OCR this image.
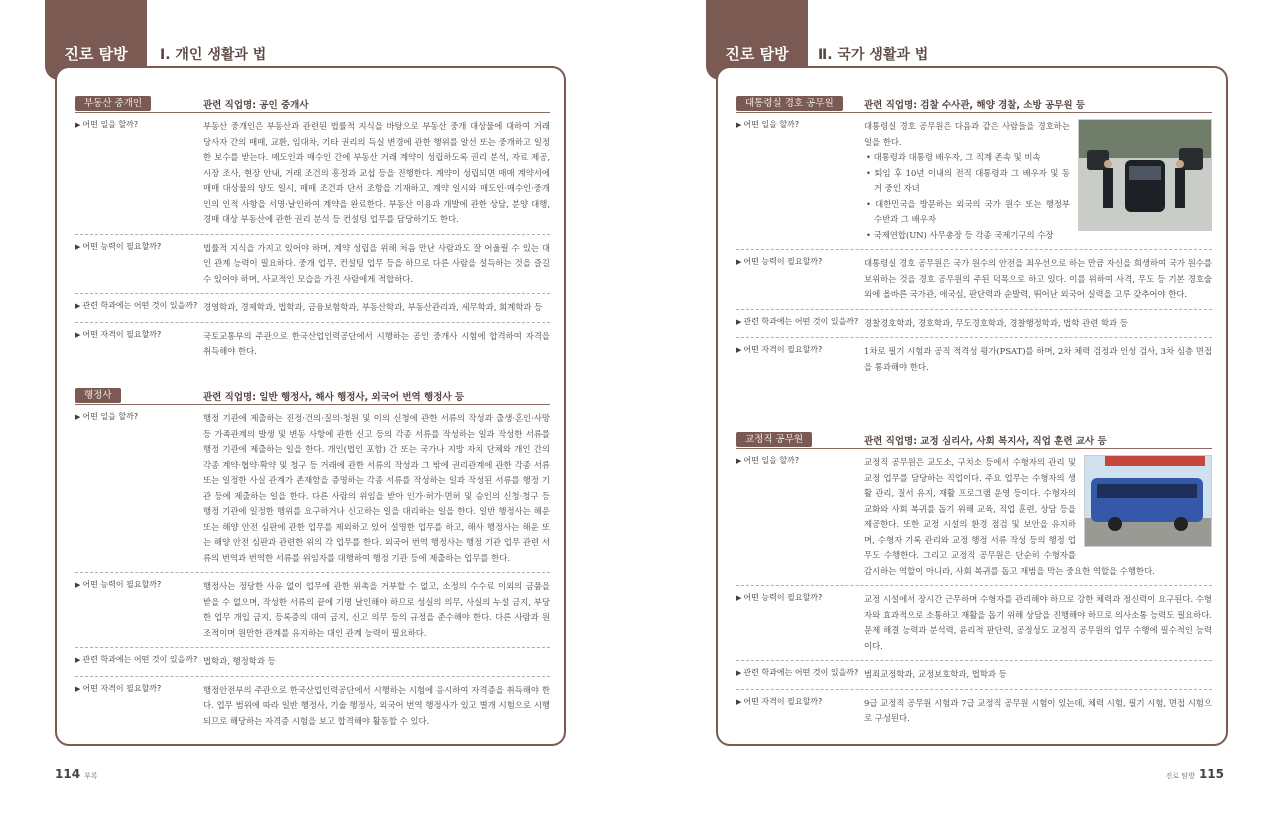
진로 탐방	Ⅰ. 개인 생활과 법
부동산 중개인	관련 직업명: 공인 중개사
▶ 어떤 일을 할까?	부동산 중개인은 부동산과 관련된 법률적 지식을 바탕으로 부동산 중개 대상물에 대하여 거래 당사자 간의 매매, 교환, 임대차, 기타 권리의 득실 변경에 관한 행위를 알선 또는 중개하고 일정한 보수를 받는다. 매도인과 매수인 간에 부동산 거래 계약이 성립하도록 권리 분석, 자료 제공, 시장 조사, 현장 안내, 거래 조건의 흥정과 교섭 등을 진행한다. 계약이 성립되면 매매 계약서에 매매 대상물의 양도 일시, 매매 조건과 단서 조항을 기재하고, 계약 일시와 매도인·매수인·중개인의 인적 사항을 서명·날인하여 계약을 완료한다. 부동산 이용과 개발에 관한 상담, 분양 대행, 경매 대상 부동산에 관한 권리 분석 등 컨설팅 업무를 담당하기도 한다.
▶ 어떤 능력이 필요할까?	법률적 지식을 가지고 있어야 하며, 계약 성립을 위해 처음 만난 사람과도 잘 어울릴 수 있는 대인 관계 능력이 필요하다. 중개 업무, 컨설팅 업무 등을 하므로 다른 사람을 설득하는 것을 즐길 수 있어야 하며, 사교적인 모습을 가진 사람에게 적합하다.
▶ 관련 학과에는 어떤 것이 있을까? 경영학과, 경제학과, 법학과, 금융보험학과, 부동산학과, 부동산관리과, 세무학과, 회계학과 등
▶ 어떤 자격이 필요할까?	국토교통부의 주관으로 한국산업인력공단에서 시행하는 공인 중개사 시험에 합격하여 자격을 취득해야 한다.
행정사	관련 직업명: 일반 행정사, 해사 행정사, 외국어 번역 행정사 등
▶ 어떤 일을 할까?	행정 기관에 제출하는 진정·건의·질의·청원 및 이의 신청에 관한 서류의 작성과 출생·혼인·사망 등 가족관계의 발생 및 변동 사항에 관한 신고 등의 각종 서류를 작성하는 일과 작성한 서류를 행정 기관에 제출하는 일을 한다. 개인(법인 포함) 간 또는 국가나 지방 자치 단체와 개인 간의 각종 계약·협약·확약 및 청구 등 거래에 관한 서류의 작성과 그 밖에 권리관계에 관한 각종 서류 또는 일정한 사실 관계가 존재함을 증명하는 각종 서류를 작성하는 일과 작성된 서류를 행정 기관 등에 제출하는 일을 한다. 다른 사람의 위임을 받아 인가·허가·면허 및 승인의 신청·청구 등 행정 기관에 일정한 행위를 요구하거나 신고하는 일을 대리하는 일을 한다. 일반 행정사는 해운 또는 해양 안전 심판에 관한 업무를 제외하고 있어 설명한 업무를 하고, 해사 행정사는 해운 또는 해양 안전 심판과 관련한 위의 각 업무를 한다. 외국어 번역 행정사는 행정 기관 업무 관련 서류의 번역과 번역한 서류를 위임자를 대행하여 행정 기관 등에 제출하는 업무를 한다.
▶ 어떤 능력이 필요할까?	행정사는 정당한 사유 없이 업무에 관한 위촉을 거부할 수 없고, 소정의 수수료 이외의 금품을 받을 수 없으며, 작성한 서류의 끝에 기명 날인해야 하므로 성실의 의무, 사실의 누설 금지, 부당한 업무 개입 금지, 등록증의 대여 금지, 신고 의무 등의 규정을 준수해야 한다. 다른 사람과 원조적이며 원만한 관계를 유지하는 대인 관계 능력이 필요하다.
▶ 관련 학과에는 어떤 것이 있을까? 법학과, 행정학과 등
▶ 어떤 자격이 필요할까?	행정안전부의 주관으로 한국산업인력공단에서 시행하는 시험에 응시하여 자격증을 취득해야 한다. 업무 범위에 따라 일반 행정사, 기술 행정사, 외국어 번역 행정사가 있고 별개 시험으로 시행되므로 해당하는 자격증 시험을 보고 합격해야 활동할 수 있다.
114 부록
진로 탐방	Ⅱ. 국가 생활과 법
대통령실 경호 공무원	관련 직업명: 검찰 수사관, 해양 경찰, 소방 공무원 등
▶ 어떤 일을 할까?	대통령실 경호 공무원은 다음과 같은 사람들을 경호하는 일을 한다.
• 대통령과 대통령 배우자, 그 직계 존속 및 비속
• 퇴임 후 10년 이내의 전직 대통령과 그 배우자 및 동거 중인 자녀
• 대한민국을 방문하는 외국의 국가 원수 또는 행정부 수반과 그 배우자
• 국제연합(UN) 사무총장 등 각종 국제기구의 수장
▶ 어떤 능력이 필요할까?	대통령실 경호 공무원은 국가 원수의 안전을 최우선으로 하는 만큼 자신을 희생하여 국가 원수를 보위하는 것을 경호 공무원의 주된 덕목으로 하고 있다. 이를 위하여 사격, 무도 등 기본 경호술 외에 올바른 국가관, 애국심, 판단력과 순발력, 뛰어난 외국어 실력을 고루 갖추어야 한다.
▶ 관련 학과에는 어떤 것이 있을까? 경찰경호학과, 경호학과, 무도경호학과, 경찰행정학과, 법학 관련 학과 등
▶ 어떤 자격이 필요할까?	1차로 필기 시험과 공직 적격성 평가(PSAT)를 하며, 2차 체력 검정과 인성 검사, 3차 심층 면접을 통과해야 한다.
교정직 공무원	관련 직업명: 교정 심리사, 사회 복지사, 직업 훈련 교사 등
▶ 어떤 일을 할까?	교정직 공무원은 교도소, 구치소 등에서 수형자의 관리 및 교정 업무를 담당하는 직업이다. 주요 업무는 수형자의 생활 관리, 질서 유지, 재활 프로그램 운영 등이다. 수형자의 교화와 사회 복귀를 돕기 위해 교육, 직업 훈련, 상담 등을 제공한다. 또한 교정 시설의 환경 점검 및 보안을 유지하며, 수형자 기록 관리와 교정 행정 서류 작성 등의 행정 업무도 수행한다. 그리고 교정직 공무원은 단순히 수형자를 감시하는 역할이 아니라, 사회 복귀를 돕고 재범을 막는 중요한 역할을 수행한다.
▶ 어떤 능력이 필요할까?	교정 시설에서 장시간 근무하며 수형자를 관리해야 하므로 강한 체력과 정신력이 요구된다. 수형자와 효과적으로 소통하고 재활을 돕기 위해 상담을 진행해야 하므로 의사소통 능력도 필요하다. 문제 해결 능력과 분석력, 윤리적 판단력, 공정성도 교정직 공무원의 업무 수행에 필수적인 능력이다.
▶ 관련 학과에는 어떤 것이 있을까? 범죄교정학과, 교정보호학과, 법학과 등
▶ 어떤 자격이 필요할까?	9급 교정직 공무원 시험과 7급 교정직 공무원 시험이 있는데, 체력 시험, 필기 시험, 면접 시험으로 구성된다.
진로 탐방 115
